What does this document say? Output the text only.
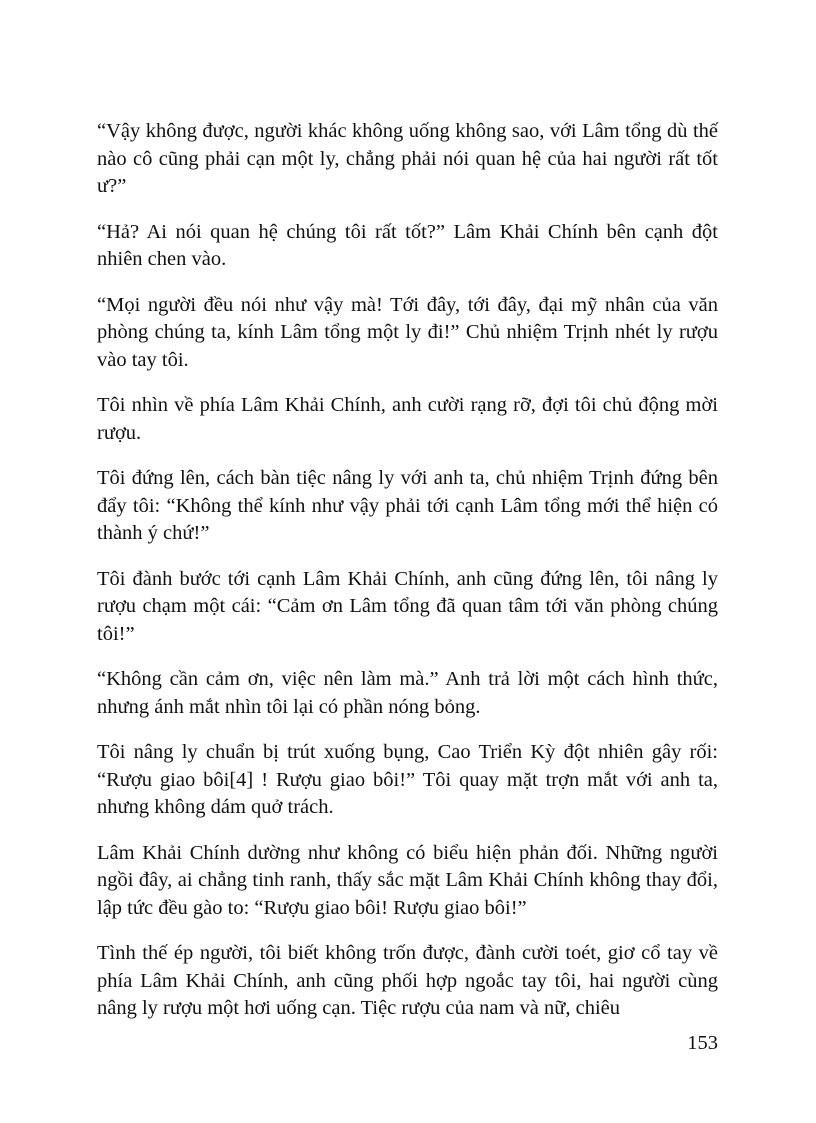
“Vậy không được, người khác không uống không sao, với Lâm tổng dù thế nào cô cũng phải cạn một ly, chẳng phải nói quan hệ của hai người rất tốt ư?”

“Hả? Ai nói quan hệ chúng tôi rất tốt?” Lâm Khải Chính bên cạnh đột nhiên chen vào.

“Mọi người đều nói như vậy mà! Tới đây, tới đây, đại mỹ nhân của văn phòng chúng ta, kính Lâm tổng một ly đi!” Chủ nhiệm Trịnh nhét ly rượu vào tay tôi.

Tôi nhìn về phía Lâm Khải Chính, anh cười rạng rỡ, đợi tôi chủ động mời rượu.

Tôi đứng lên, cách bàn tiệc nâng ly với anh ta, chủ nhiệm Trịnh đứng bên đẩy tôi: “Không thể kính như vậy phải tới cạnh Lâm tổng mới thể hiện có thành ý chứ!”

Tôi đành bước tới cạnh Lâm Khải Chính, anh cũng đứng lên, tôi nâng ly rượu chạm một cái: “Cảm ơn Lâm tổng đã quan tâm tới văn phòng chúng tôi!”

“Không cần cảm ơn, việc nên làm mà.” Anh trả lời một cách hình thức, nhưng ánh mắt nhìn tôi lại có phần nóng bỏng.

Tôi nâng ly chuẩn bị trút xuống bụng, Cao Triển Kỳ đột nhiên gây rối: “Rượu giao bôi[4] ! Rượu giao bôi!” Tôi quay mặt trợn mắt với anh ta, nhưng không dám quở trách.

Lâm Khải Chính dường như không có biểu hiện phản đối. Những người ngồi đây, ai chẳng tinh ranh, thấy sắc mặt Lâm Khải Chính không thay đổi, lập tức đều gào to: “Rượu giao bôi! Rượu giao bôi!”

Tình thế ép người, tôi biết không trốn được, đành cười toét, giơ cổ tay về phía Lâm Khải Chính, anh cũng phối hợp ngoắc tay tôi, hai người cùng nâng ly rượu một hơi uống cạn. Tiệc rượu của nam và nữ, chiêu

153
